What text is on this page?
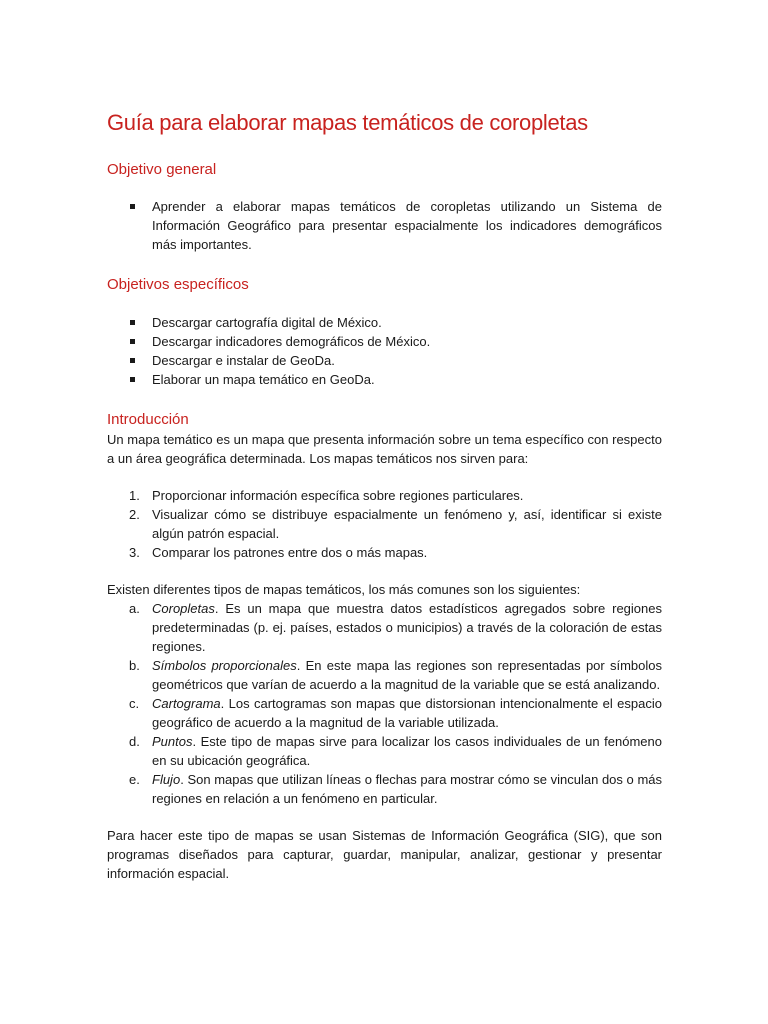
Guía para elaborar mapas temáticos de coropletas
Objetivo general
Aprender a elaborar mapas temáticos de coropletas utilizando un Sistema de Información Geográfico para presentar espacialmente los indicadores demográficos más importantes.
Objetivos específicos
Descargar cartografía digital de México.
Descargar indicadores demográficos de México.
Descargar e instalar de GeoDa.
Elaborar un mapa temático en GeoDa.
Introducción

Un mapa temático es un mapa que presenta información sobre un tema específico con respecto a un área geográfica determinada. Los mapas temáticos nos sirven para:

1. Proporcionar información específica sobre regiones particulares.
2. Visualizar cómo se distribuye espacialmente un fenómeno y, así, identificar si existe algún patrón espacial.
3. Comparar los patrones entre dos o más mapas.

Existen diferentes tipos de mapas temáticos, los más comunes son los siguientes:

a. Coropletas. Es un mapa que muestra datos estadísticos agregados sobre regiones predeterminadas (p. ej. países, estados o municipios) a través de la coloración de estas regiones.
b. Símbolos proporcionales. En este mapa las regiones son representadas por símbolos geométricos que varían de acuerdo a la magnitud de la variable que se está analizando.
c. Cartograma. Los cartogramas son mapas que distorsionan intencionalmente el espacio geográfico de acuerdo a la magnitud de la variable utilizada.
d. Puntos. Este tipo de mapas sirve para localizar los casos individuales de un fenómeno en su ubicación geográfica.
e. Flujo. Son mapas que utilizan líneas o flechas para mostrar cómo se vinculan dos o más regiones en relación a un fenómeno en particular.

Para hacer este tipo de mapas se usan Sistemas de Información Geográfica (SIG), que son programas diseñados para capturar, guardar, manipular, analizar, gestionar y presentar información espacial.
